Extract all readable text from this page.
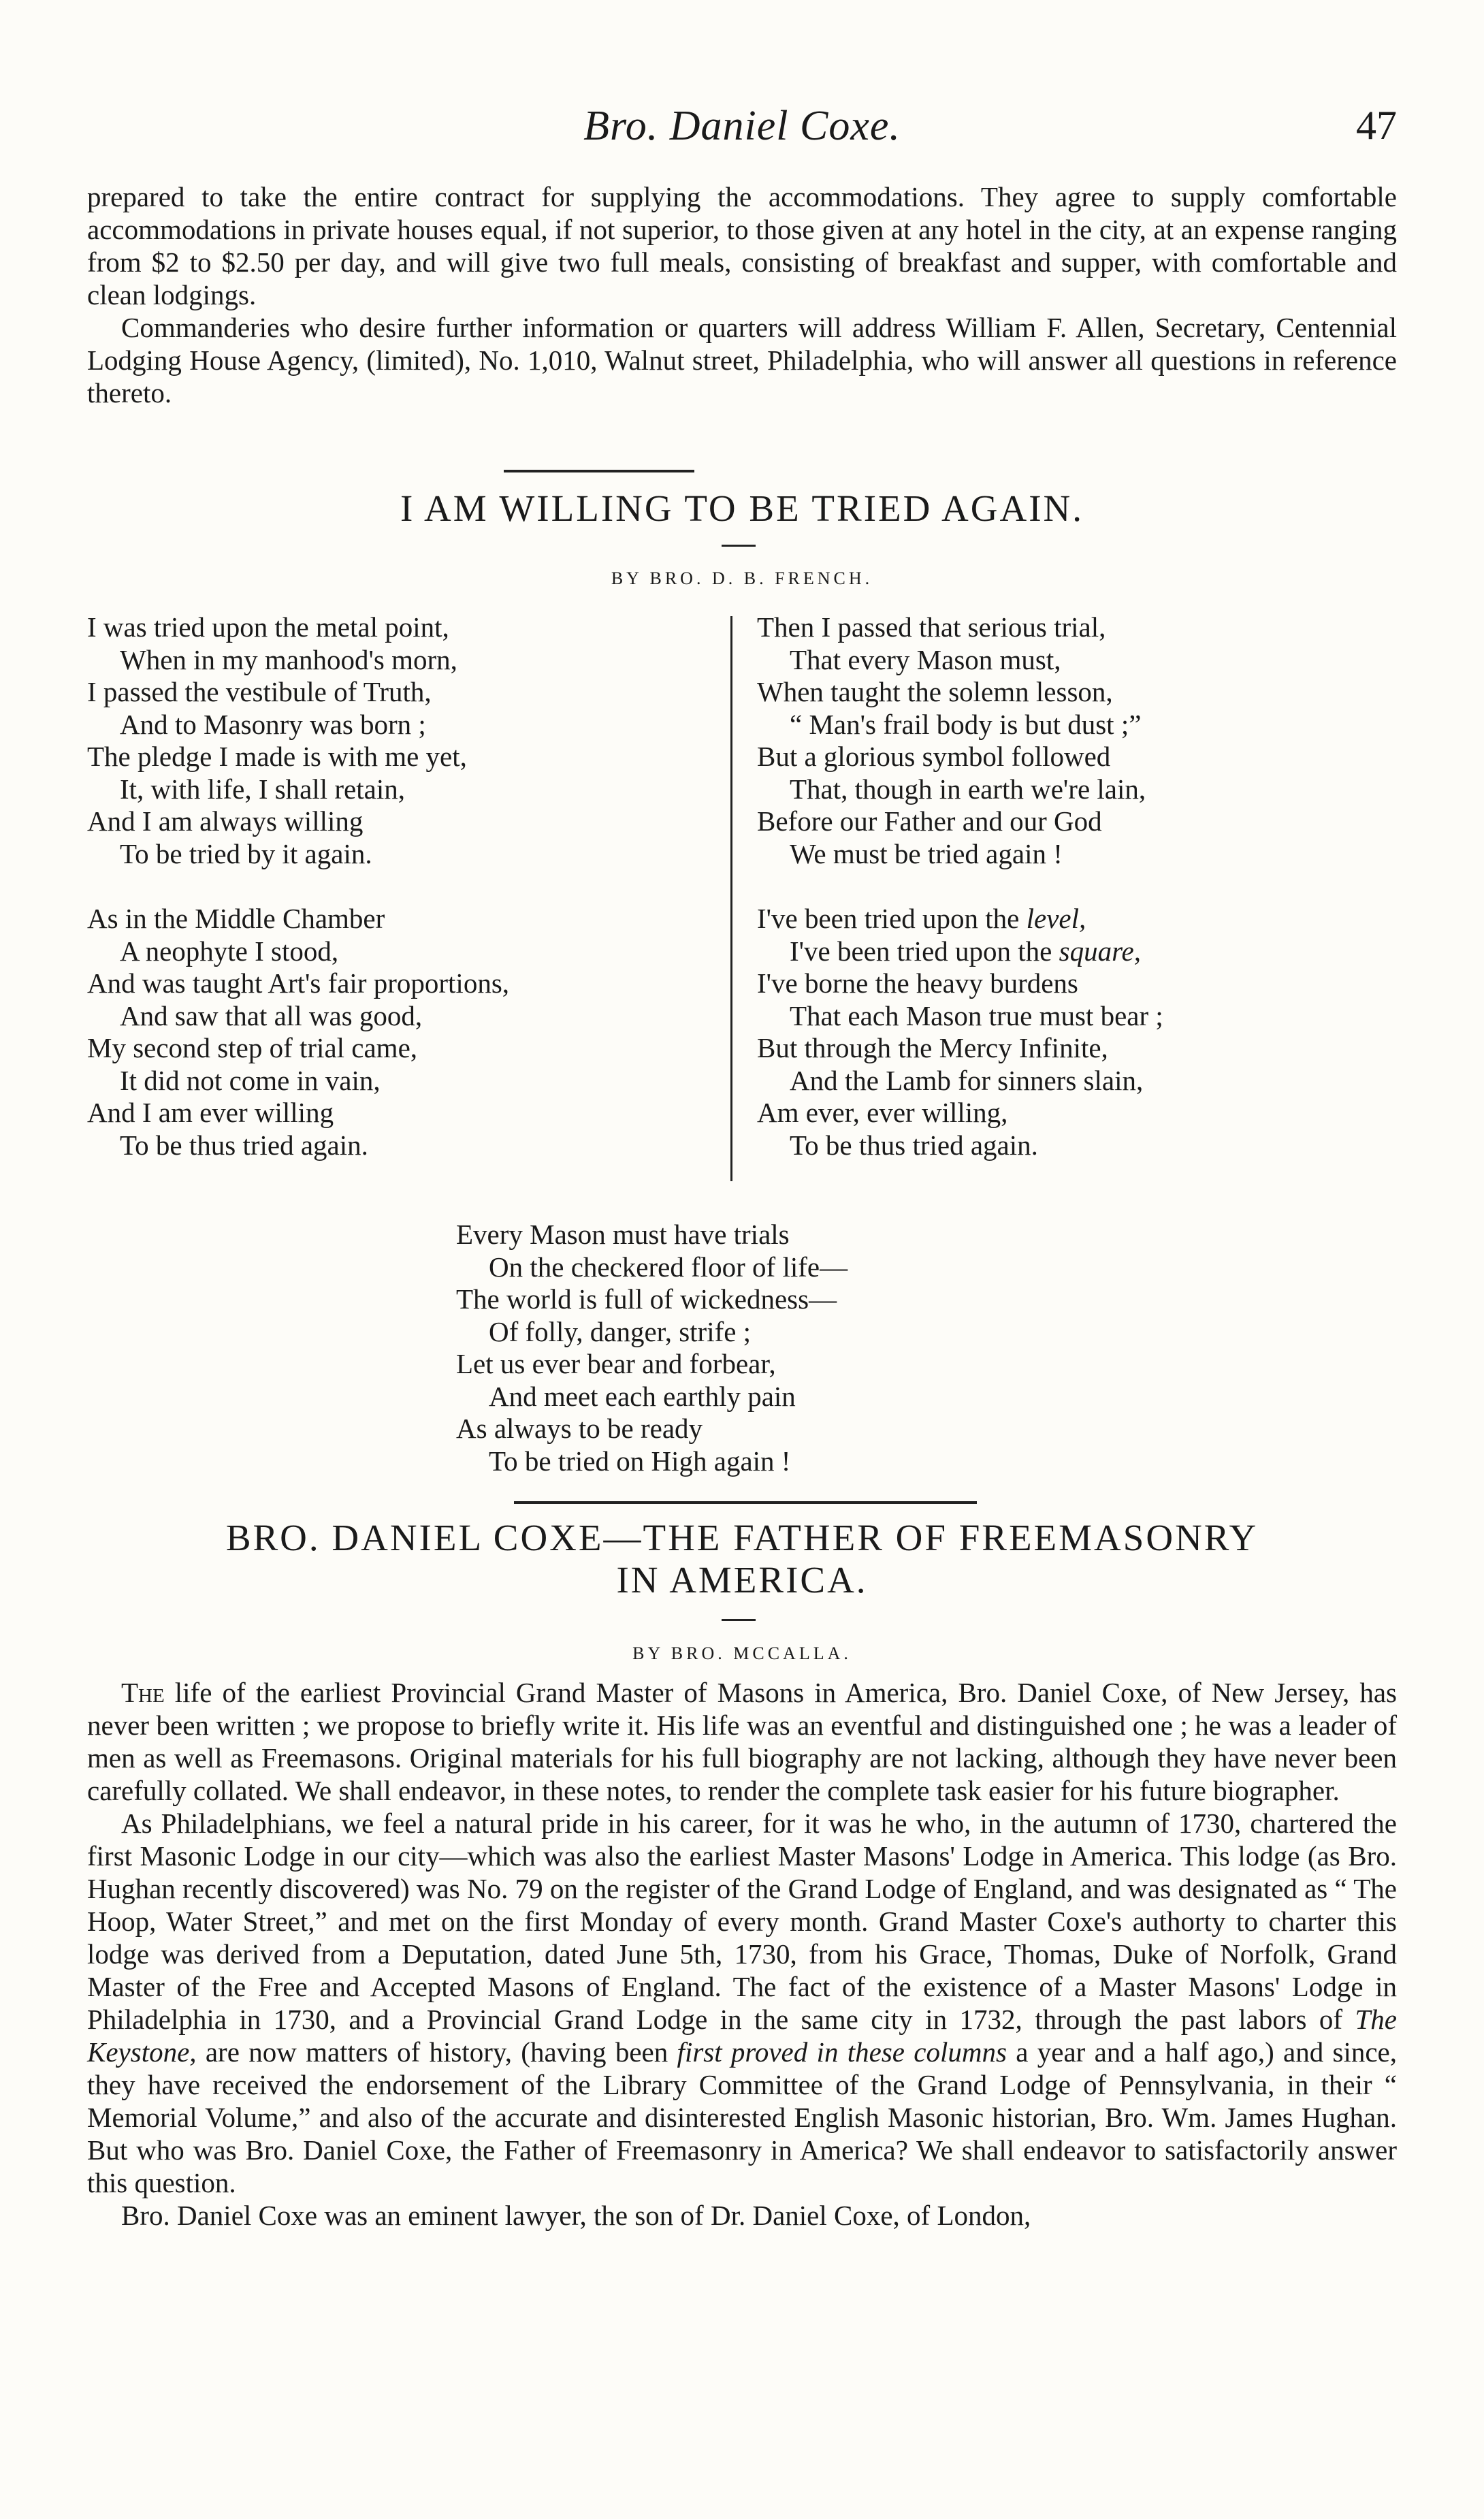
Bro. Daniel Coxe.	47

prepared to take the entire contract for supplying the accommodations. They agree to supply comfortable accommodations in private houses equal, if not superior, to those given at any hotel in the city, at an expense ranging from $2 to $2.50 per day, and will give two full meals, consisting of breakfast and supper, with comfortable and clean lodgings.

Commanderies who desire further information or quarters will address William F. Allen, Secretary, Centennial Lodging House Agency, (limited), No. 1,010, Walnut street, Philadelphia, who will answer all questions in reference thereto.

I AM WILLING TO BE TRIED AGAIN.
BY BRO. D. B. FRENCH.
I was tried upon the metal point,
When in my manhood's morn,
I passed the vestibule of Truth,
And to Masonry was born ;
The pledge I made is with me yet,
It, with life, I shall retain,
And I am always willing
To be tried by it again.
As in the Middle Chamber
A neophyte I stood,
And was taught Art's fair proportions,
And saw that all was good,
My second step of trial came,
It did not come in vain,
And I am ever willing
To be thus tried again.
Then I passed that serious trial,
That every Mason must,
When taught the solemn lesson,
“ Man's frail body is but dust ;”
But a glorious symbol followed
That, though in earth we're lain,
Before our Father and our God
We must be tried again !
I've been tried upon the level,
I've been tried upon the square,
I've borne the heavy burdens
That each Mason true must bear ;
But through the Mercy Infinite,
And the Lamb for sinners slain,
Am ever, ever willing,
To be thus tried again.
Every Mason must have trials
On the checkered floor of life—
The world is full of wickedness—
Of folly, danger, strife ;
Let us ever bear and forbear,
And meet each earthly pain
As always to be ready
To be tried on High again !
BRO. DANIEL COXE—THE FATHER OF FREEMASONRY
IN AMERICA.
BY BRO. MCCALLA.

The life of the earliest Provincial Grand Master of Masons in America, Bro. Daniel Coxe, of New Jersey, has never been written ; we propose to briefly write it. His life was an eventful and distinguished one ; he was a leader of men as well as Freemasons. Original materials for his full biography are not lacking, although they have never been carefully collated. We shall endeavor, in these notes, to render the complete task easier for his future biographer.

As Philadelphians, we feel a natural pride in his career, for it was he who, in the autumn of 1730, chartered the first Masonic Lodge in our city—which was also the earliest Master Masons' Lodge in America. This lodge (as Bro. Hughan recently discovered) was No. 79 on the register of the Grand Lodge of England, and was designated as “ The Hoop, Water Street,” and met on the first Monday of every month. Grand Master Coxe's authorty to charter this lodge was derived from a Deputation, dated June 5th, 1730, from his Grace, Thomas, Duke of Norfolk, Grand Master of the Free and Accepted Masons of England. The fact of the existence of a Master Masons' Lodge in Philadelphia in 1730, and a Provincial Grand Lodge in the same city in 1732, through the past labors of The Keystone, are now matters of history, (having been first proved in these columns a year and a half ago,) and since, they have received the endorsement of the Library Committee of the Grand Lodge of Pennsylvania, in their “ Memorial Volume,” and also of the accurate and disinterested English Masonic historian, Bro. Wm. James Hughan. But who was Bro. Daniel Coxe, the Father of Freemasonry in America? We shall endeavor to satisfactorily answer this question.

Bro. Daniel Coxe was an eminent lawyer, the son of Dr. Daniel Coxe, of London,
